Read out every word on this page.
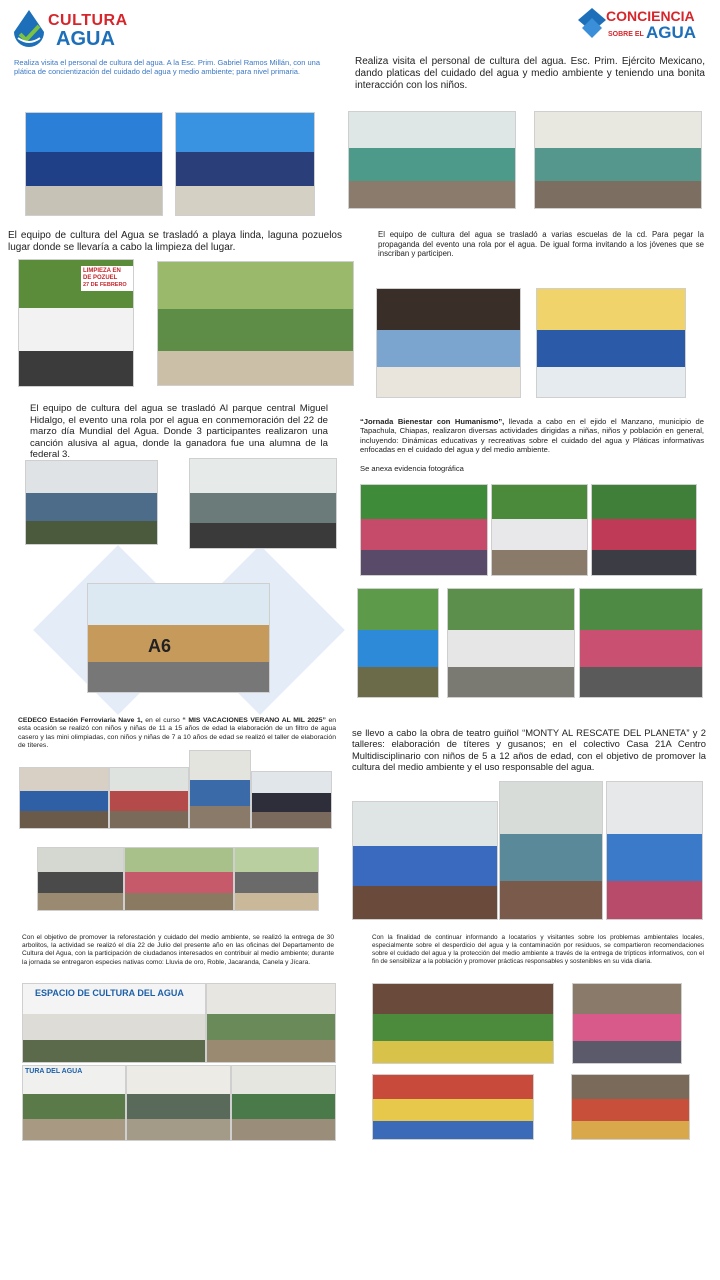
CULTURA
AGUA
CONCIENCIA
SOBRE EL AGUA

Realiza visita el personal de cultura del agua. A la Esc. Prim. Gabriel Ramos Millán, con una plática de concientización del cuidado del agua y medio ambiente; para nivel primaria.

Realiza visita el personal de cultura del agua. Esc. Prim. Ejército Mexicano, dando platicas del cuidado del agua y medio ambiente y teniendo una bonita interacción con los niños.

El equipo de cultura del Agua se trasladó a playa linda, laguna pozuelos lugar donde se llevaría a cabo la limpieza del lugar.

El equipo de cultura del agua se trasladó a varias escuelas de la cd. Para pegar la propaganda del evento una rola por el agua. De igual forma invitando a los jóvenes que se inscriban y participen.

El equipo de cultura del agua se trasladó Al parque central Miguel Hidalgo, el evento una rola por el agua en conmemoración del 22 de marzo día Mundial del Agua. Donde 3 participantes realizaron una canción alusiva al agua, donde la ganadora fue una alumna de la federal 3.

“Jornada Bienestar con Humanismo”, llevada a cabo en el ejido el Manzano, municipio de Tapachula, Chiapas, realizaron diversas actividades dirigidas a niñas, niños y población en general, incluyendo: Dinámicas educativas y recreativas sobre el cuidado del agua y Pláticas informativas enfocadas en el cuidado del agua y del medio ambiente.

Se anexa evidencia fotográfica

CEDECO Estación Ferroviaria Nave 1, en el curso “ MIS VACACIONES VERANO AL MIL 2025” en esta ocasión se realizó con niños y niñas de 11 a 15 años de edad la elaboración de un filtro de agua casero y las mini olimpiadas, con niños y niñas de 7 a 10 años de edad se realizó el taller de elaboración de títeres.

se llevo a cabo la obra de teatro guiñol “MONTY AL RESCATE DEL PLANETA” y 2 talleres: elaboración de títeres y gusanos; en el colectivo Casa 21A Centro Multidisciplinario con niños de 5 a 12 años de edad, con el objetivo de promover la cultura del medio ambiente y el uso responsable del agua.

Con el objetivo de promover la reforestación y cuidado del medio ambiente, se realizó la entrega de 30 arbolitos, la actividad se realizó el día 22 de Julio del presente año en las oficinas del Departamento de Cultura del Agua, con la participación de ciudadanos interesados en contribuir al medio ambiente; durante la jornada se entregaron especies nativas como: Lluvia de oro, Roble, Jacaranda, Canela y Jícara.

Con la finalidad de continuar informando a locatarios y visitantes sobre los problemas ambientales locales, especialmente sobre el desperdicio del agua y la contaminación por residuos, se compartieron recomendaciones sobre el cuidado del agua y la protección del medio ambiente a través de la entrega de trípticos informativos, con el fin de sensibilizar a la población y promover prácticas responsables y sostenibles en su vida diaria.

LIMPIEZA EN
DE POZUEL
27 DE FEBRERO
A6
ESPACIO DE CULTURA DEL AGUA
TURA DEL AGUA
